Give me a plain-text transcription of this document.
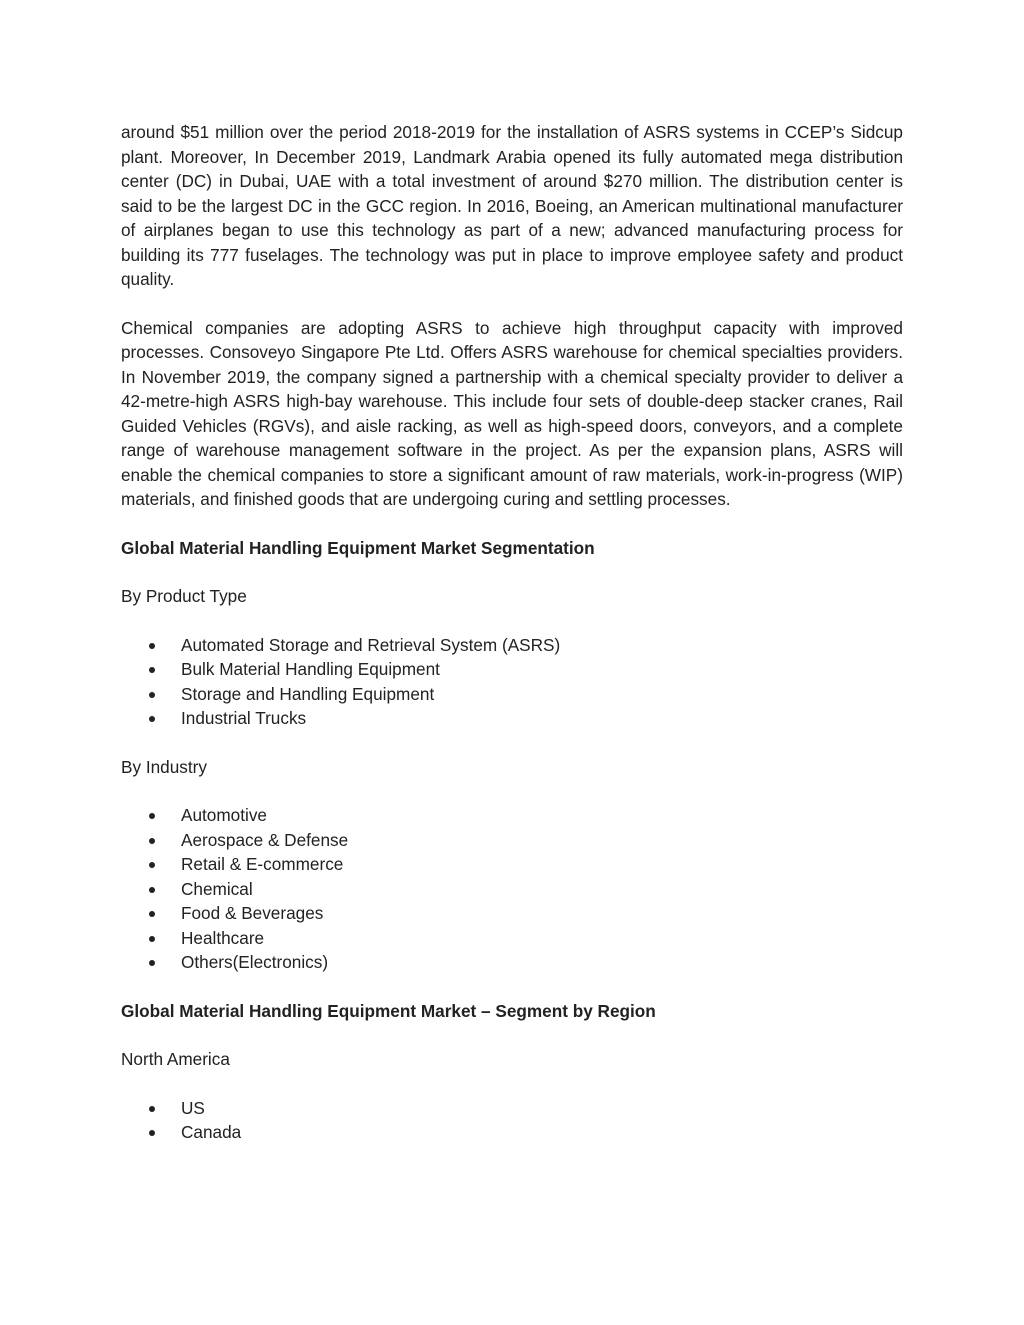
around $51 million over the period 2018-2019 for the installation of ASRS systems in CCEP’s Sidcup plant. Moreover, In December 2019, Landmark Arabia opened its fully automated mega distribution center (DC) in Dubai, UAE with a total investment of around $270 million. The distribution center is said to be the largest DC in the GCC region. In 2016, Boeing, an American multinational manufacturer of airplanes began to use this technology as part of a new; advanced manufacturing process for building its 777 fuselages. The technology was put in place to improve employee safety and product quality.

Chemical companies are adopting ASRS to achieve high throughput capacity with improved processes. Consoveyo Singapore Pte Ltd. Offers ASRS warehouse for chemical specialties providers. In November 2019, the company signed a partnership with a chemical specialty provider to deliver a 42-metre-high ASRS high-bay warehouse. This include four sets of double-deep stacker cranes, Rail Guided Vehicles (RGVs), and aisle racking, as well as high-speed doors, conveyors, and a complete range of warehouse management software in the project. As per the expansion plans, ASRS will enable the chemical companies to store a significant amount of raw materials, work-in-progress (WIP) materials, and finished goods that are undergoing curing and settling processes.

Global Material Handling Equipment Market Segmentation

By Product Type

Automated Storage and Retrieval System (ASRS)
Bulk Material Handling Equipment
Storage and Handling Equipment
Industrial Trucks

By Industry

Automotive
Aerospace & Defense
Retail & E-commerce
Chemical
Food & Beverages
Healthcare
Others(Electronics)

Global Material Handling Equipment Market – Segment by Region

North America

US
Canada
